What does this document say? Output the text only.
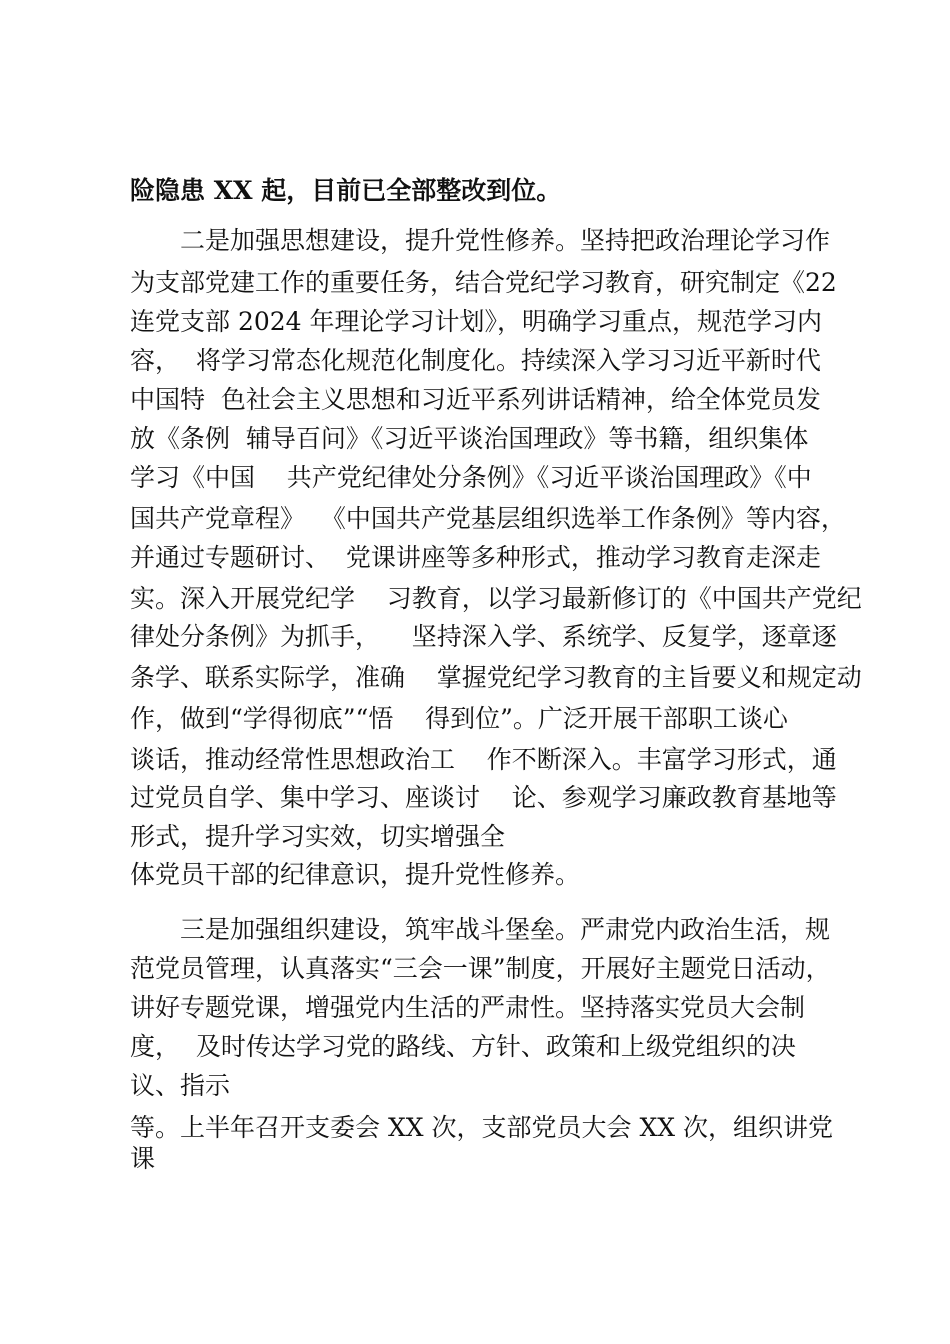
险隐患 XX 起，目前已全部整改到位。

二是加强思想建设，提升党性修养。坚持把政治理论学习作

为支部党建工作的重要任务，结合党纪学习教育，研究制定《22

连党支部 2024 年理论学习计划》，明确学习重点，规范学习内

容，  将学习常态化规范化制度化。持续深入学习习近平新时代

中国特  色社会主义思想和习近平系列讲话精神，给全体党员发

放《条例  辅导百问》《习近平谈治国理政》等书籍，组织集体

学习《中国    共产党纪律处分条例》《习近平谈治国理政》《中

国共产党章程》  《中国共产党基层组织选举工作条例》等内容，

并通过专题研讨、  党课讲座等多种形式，推动学习教育走深走

实。深入开展党纪学    习教育，以学习最新修订的《中国共产党纪

律处分条例》为抓手，    坚持深入学、系统学、反复学，逐章逐

条学、联系实际学，准确    掌握党纪学习教育的主旨要义和规定动

作，做到“学得彻底”“悟    得到位”。广泛开展干部职工谈心

谈话，推动经常性思想政治工    作不断深入。丰富学习形式，通

过党员自学、集中学习、座谈讨    论、参观学习廉政教育基地等

形式，提升学习实效，切实增强全

体党员干部的纪律意识，提升党性修养。

三是加强组织建设，筑牢战斗堡垒。严肃党内政治生活，规

范党员管理，认真落实“三会一课”制度，开展好主题党日活动，

讲好专题党课，增强党内生活的严肃性。坚持落实党员大会制

度，  及时传达学习党的路线、方针、政策和上级党组织的决

议、指示

等。上半年召开支委会 XX 次，支部党员大会 XX 次，组织讲党

课
